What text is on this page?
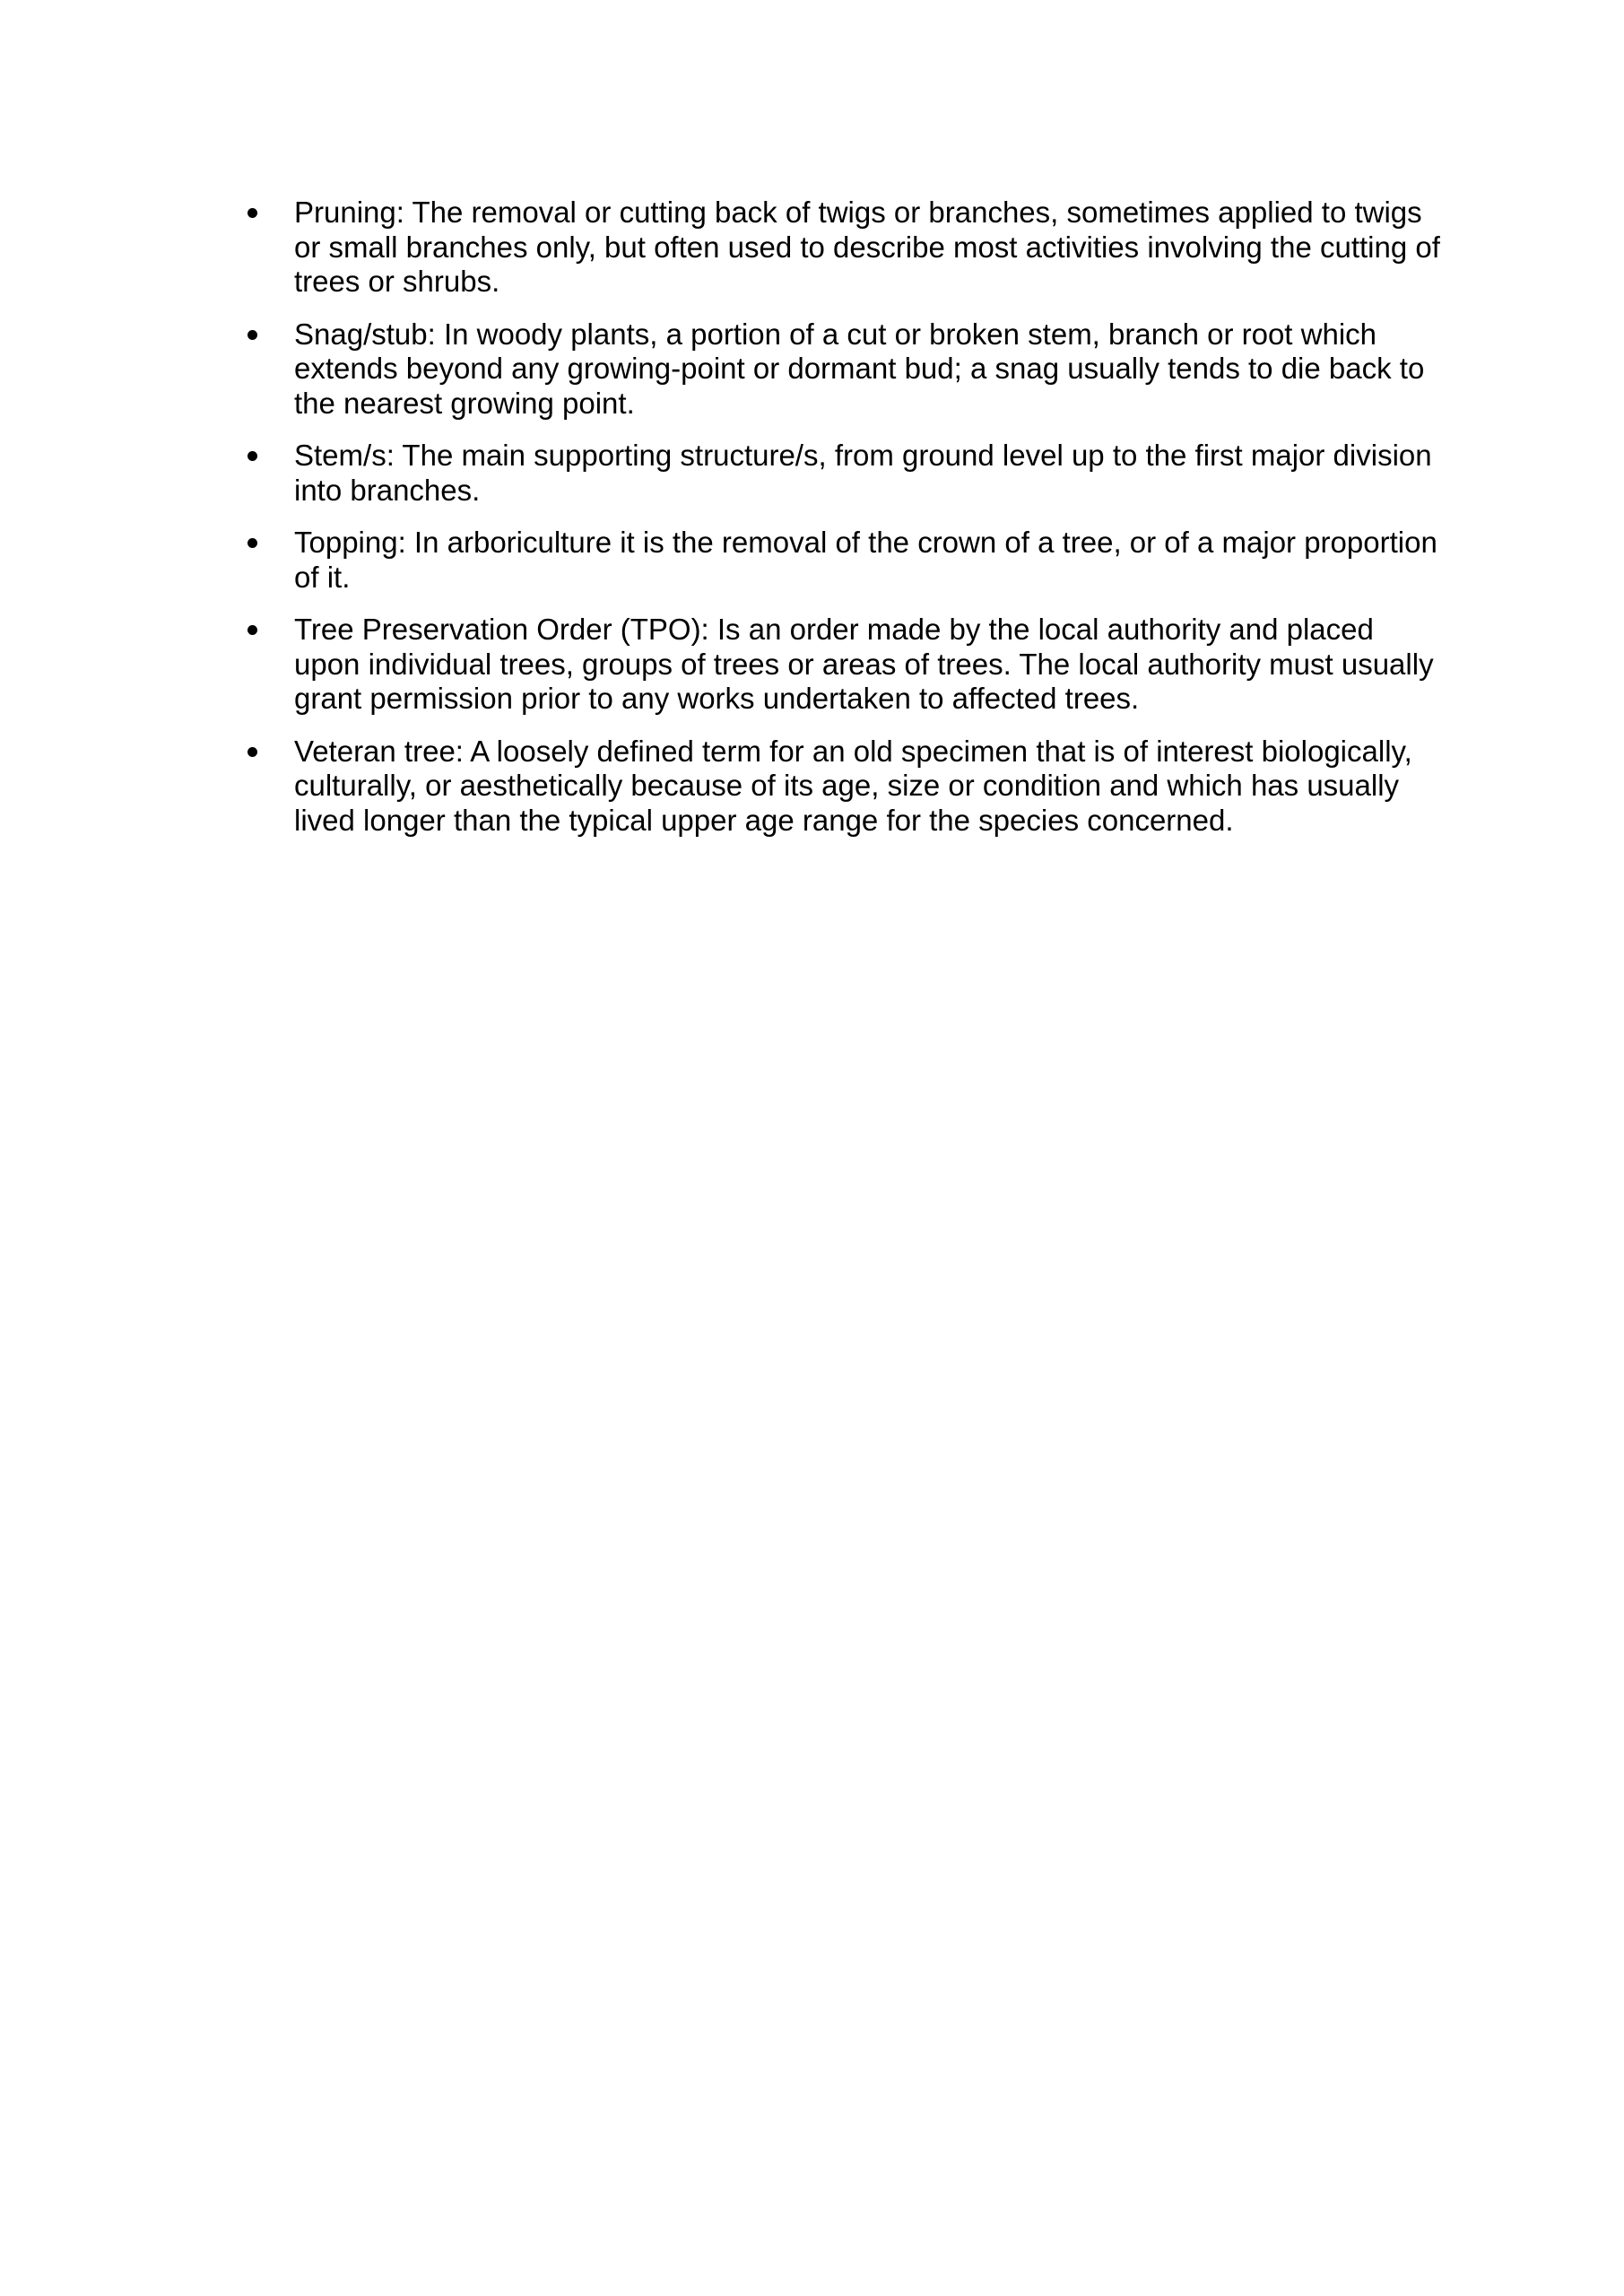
Pruning: The removal or cutting back of twigs or branches, sometimes applied to twigs or small branches only, but often used to describe most activities involving the cutting of trees or shrubs.
Snag/stub: In woody plants, a portion of a cut or broken stem, branch or root which extends beyond any growing-point or dormant bud; a snag usually tends to die back to the nearest growing point.
Stem/s: The main supporting structure/s, from ground level up to the first major division into branches.
Topping: In arboriculture it is the removal of the crown of a tree, or of a major proportion of it.
Tree Preservation Order (TPO): Is an order made by the local authority and placed upon individual trees, groups of trees or areas of trees. The local authority must usually grant permission prior to any works undertaken to affected trees.
Veteran tree: A loosely defined term for an old specimen that is of interest biologically, culturally, or aesthetically because of its age, size or condition and which has usually lived longer than the typical upper age range for the species concerned.
